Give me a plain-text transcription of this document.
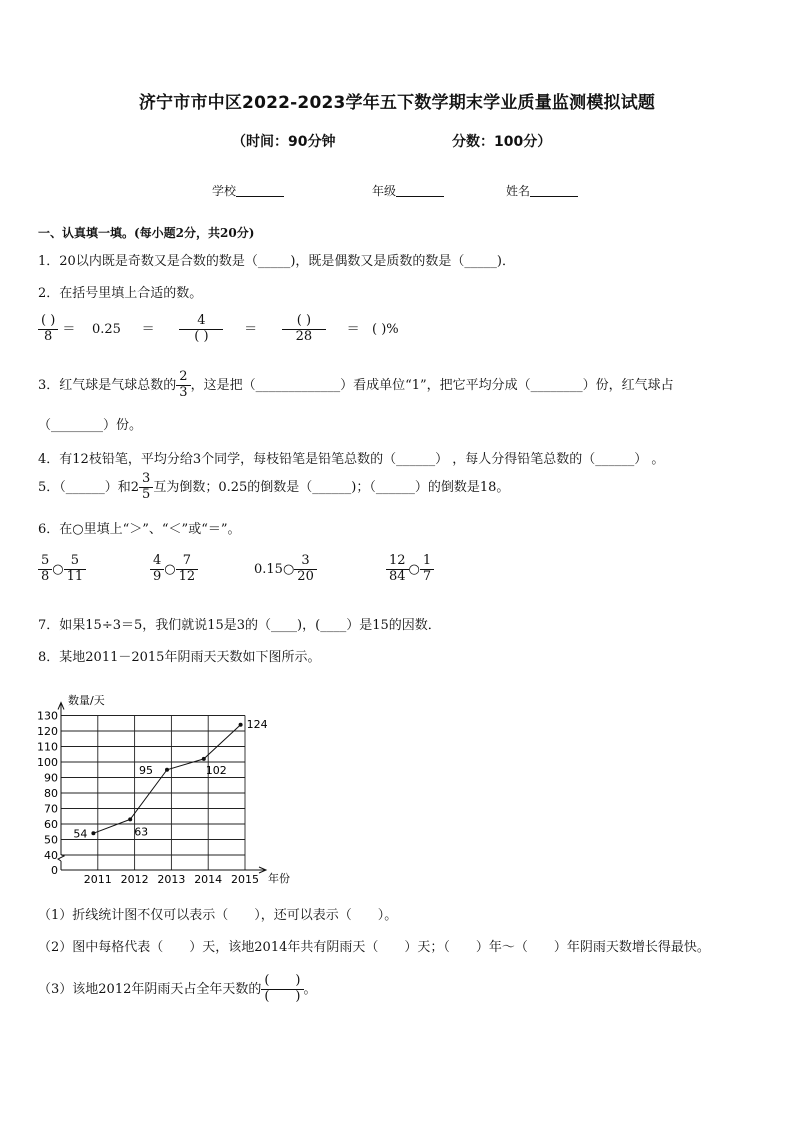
济宁市市中区2022-2023学年五下数学期末学业质量监测模拟试题
（时间：90分钟	分数：100分）
学校	年级	姓名
一、认真填一填。(每小题2分，共20分)
1．20以内既是奇数又是合数的数是（_____)，既是偶数又是质数的数是（_____)．
2．在括号里填上合适的数。
$\frac{( )}{8} = 0.25 = \frac{4}{( )} = \frac{( )}{28}$ ＝ ( )%
3．红气球是气球总数的 $\frac{2}{3}$ ，这是把（_____________）看成单位“1”，把它平均分成（________）份，红气球占
（________）份。
4．有12枝铅笔，平均分给3个同学，每枝铅笔是铅笔总数的（______） ，每人分得铅笔总数的（______） 。
5．（______）和$2 \frac{3}{5}$ 互为倒数；0.25的倒数是（______)；（______）的倒数是18。
6．在○里填上“＞”、“＜”或“＝”。
$\frac{5}{8}$ ○ $\frac{5}{11}$	$\frac{4}{9}$ ○ $\frac{7}{12}$	0.15○ $\frac{3}{20}$	$\frac{12}{84}$ ○ $\frac{1}{7}$
7．如果15÷3＝5，我们就说15是3的（____)，(____）是15的因数．
8．某地2011－2015年阴雨天天数如下图所示。
0
40
50
60
70
80
90
100
110
120
130
2011 2012 2013 2014 2015
54	63
95	102
124
数量/天
年份
（1）折线统计图不仅可以表示（　　），还可以表示（　　）。
（2）图中每格代表（　　）天，该地2014年共有阴雨天（　　）天；（　　）年～（　　）年阴雨天数增长得最快。
（3）该地2012年阴雨天占全年天数的 $\frac{( )}{( )}$ 。
